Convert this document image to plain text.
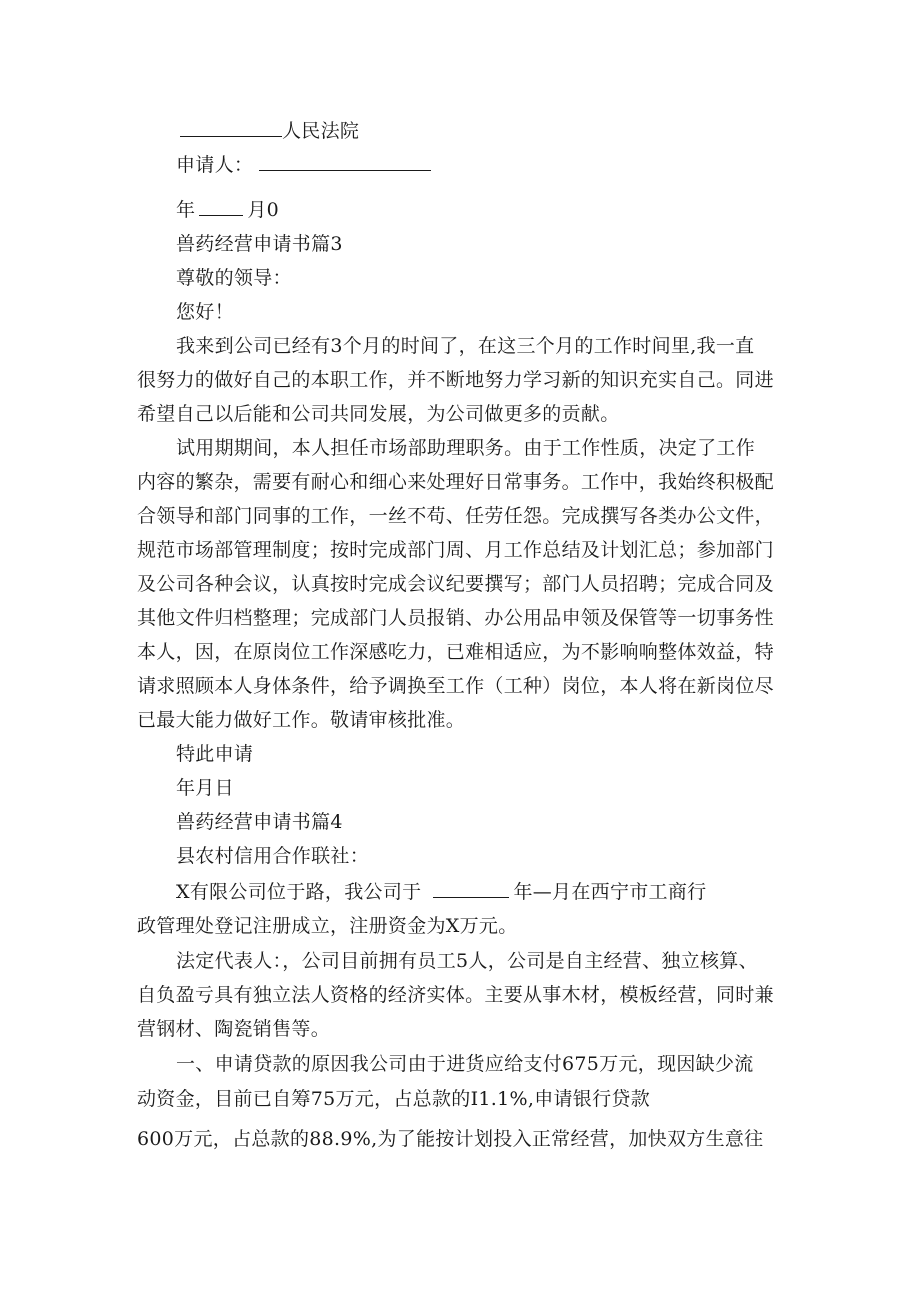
人民法院
申请人：
年	月0
兽药经营申请书篇3
尊敬的领导：
您好！
我来到公司已经有3个月的时间了，在这三个月的工作时间里,我一直
很努力的做好自己的本职工作，并不断地努力学习新的知识充实自己。同进
希望自己以后能和公司共同发展，为公司做更多的贡献。
试用期期间，本人担任市场部助理职务。由于工作性质，决定了工作
内容的繁杂，需要有耐心和细心来处理好日常事务。工作中，我始终积极配
合领导和部门同事的工作，一丝不苟、任劳任怨。完成撰写各类办公文件，
规范市场部管理制度；按时完成部门周、月工作总结及计划汇总；参加部门
及公司各种会议，认真按时完成会议纪要撰写；部门人员招聘；完成合同及
其他文件归档整理；完成部门人员报销、办公用品申领及保管等一切事务性
本人，因，在原岗位工作深感吃力，已难相适应，为不影响响整体效益，特
请求照顾本人身体条件，给予调换至工作（工种）岗位，本人将在新岗位尽
已最大能力做好工作。敬请审核批准。
特此申请
年月日
兽药经营申请书篇4
县农村信用合作联社：
X有限公司位于路，我公司于	年—月在西宁市工商行
政管理处登记注册成立，注册资金为X万元。
法定代表人：，公司目前拥有员工5人，公司是自主经营、独立核算、
自负盈亏具有独立法人资格的经济实体。主要从事木材，模板经营，同时兼
营钢材、陶瓷销售等。
一、申请贷款的原因我公司由于进货应给支付675万元，现因缺少流
动资金，目前已自筹75万元，占总款的I1.1%,申请银行贷款
600万元，占总款的88.9%,为了能按计划投入正常经营，加快双方生意往
